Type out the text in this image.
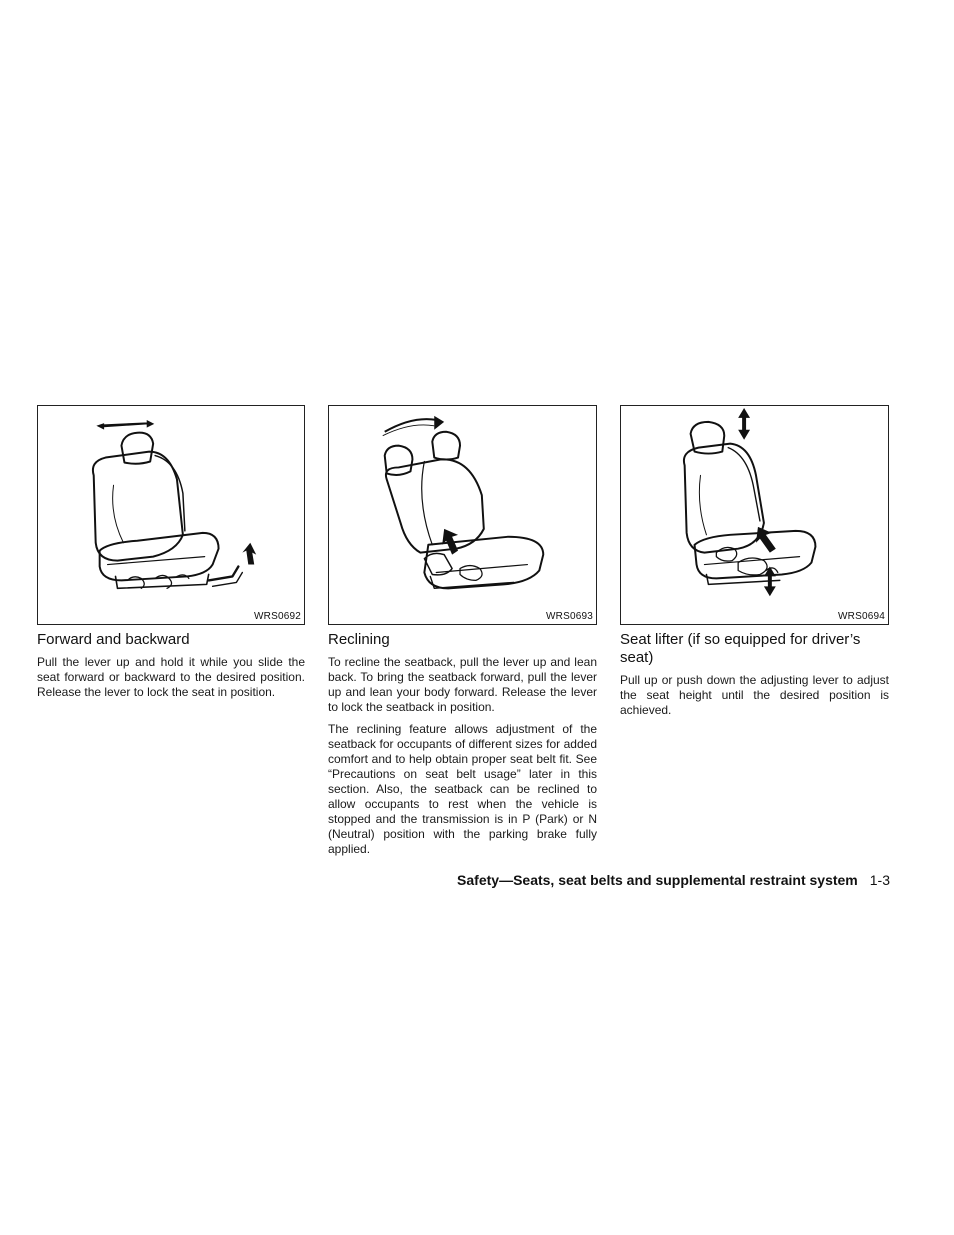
WRS0692
Forward and backward

Pull the lever up and hold it while you slide the seat forward or backward to the desired position. Release the lever to lock the seat in position.

WRS0693
Reclining

To recline the seatback, pull the lever up and lean back. To bring the seatback forward, pull the lever up and lean your body forward. Release the lever to lock the seatback in position.

The reclining feature allows adjustment of the seatback for occupants of different sizes for added comfort and to help obtain proper seat belt fit. See “Precautions on seat belt usage” later in this section. Also, the seatback can be reclined to allow occupants to rest when the vehicle is stopped and the transmission is in P (Park) or N (Neutral) position with the parking brake fully applied.

WRS0694
Seat lifter (if so equipped for driver’s seat)

Pull up or push down the adjusting lever to adjust the seat height until the desired position is achieved.

Safety—Seats, seat belts and supplemental restraint system 1-3
